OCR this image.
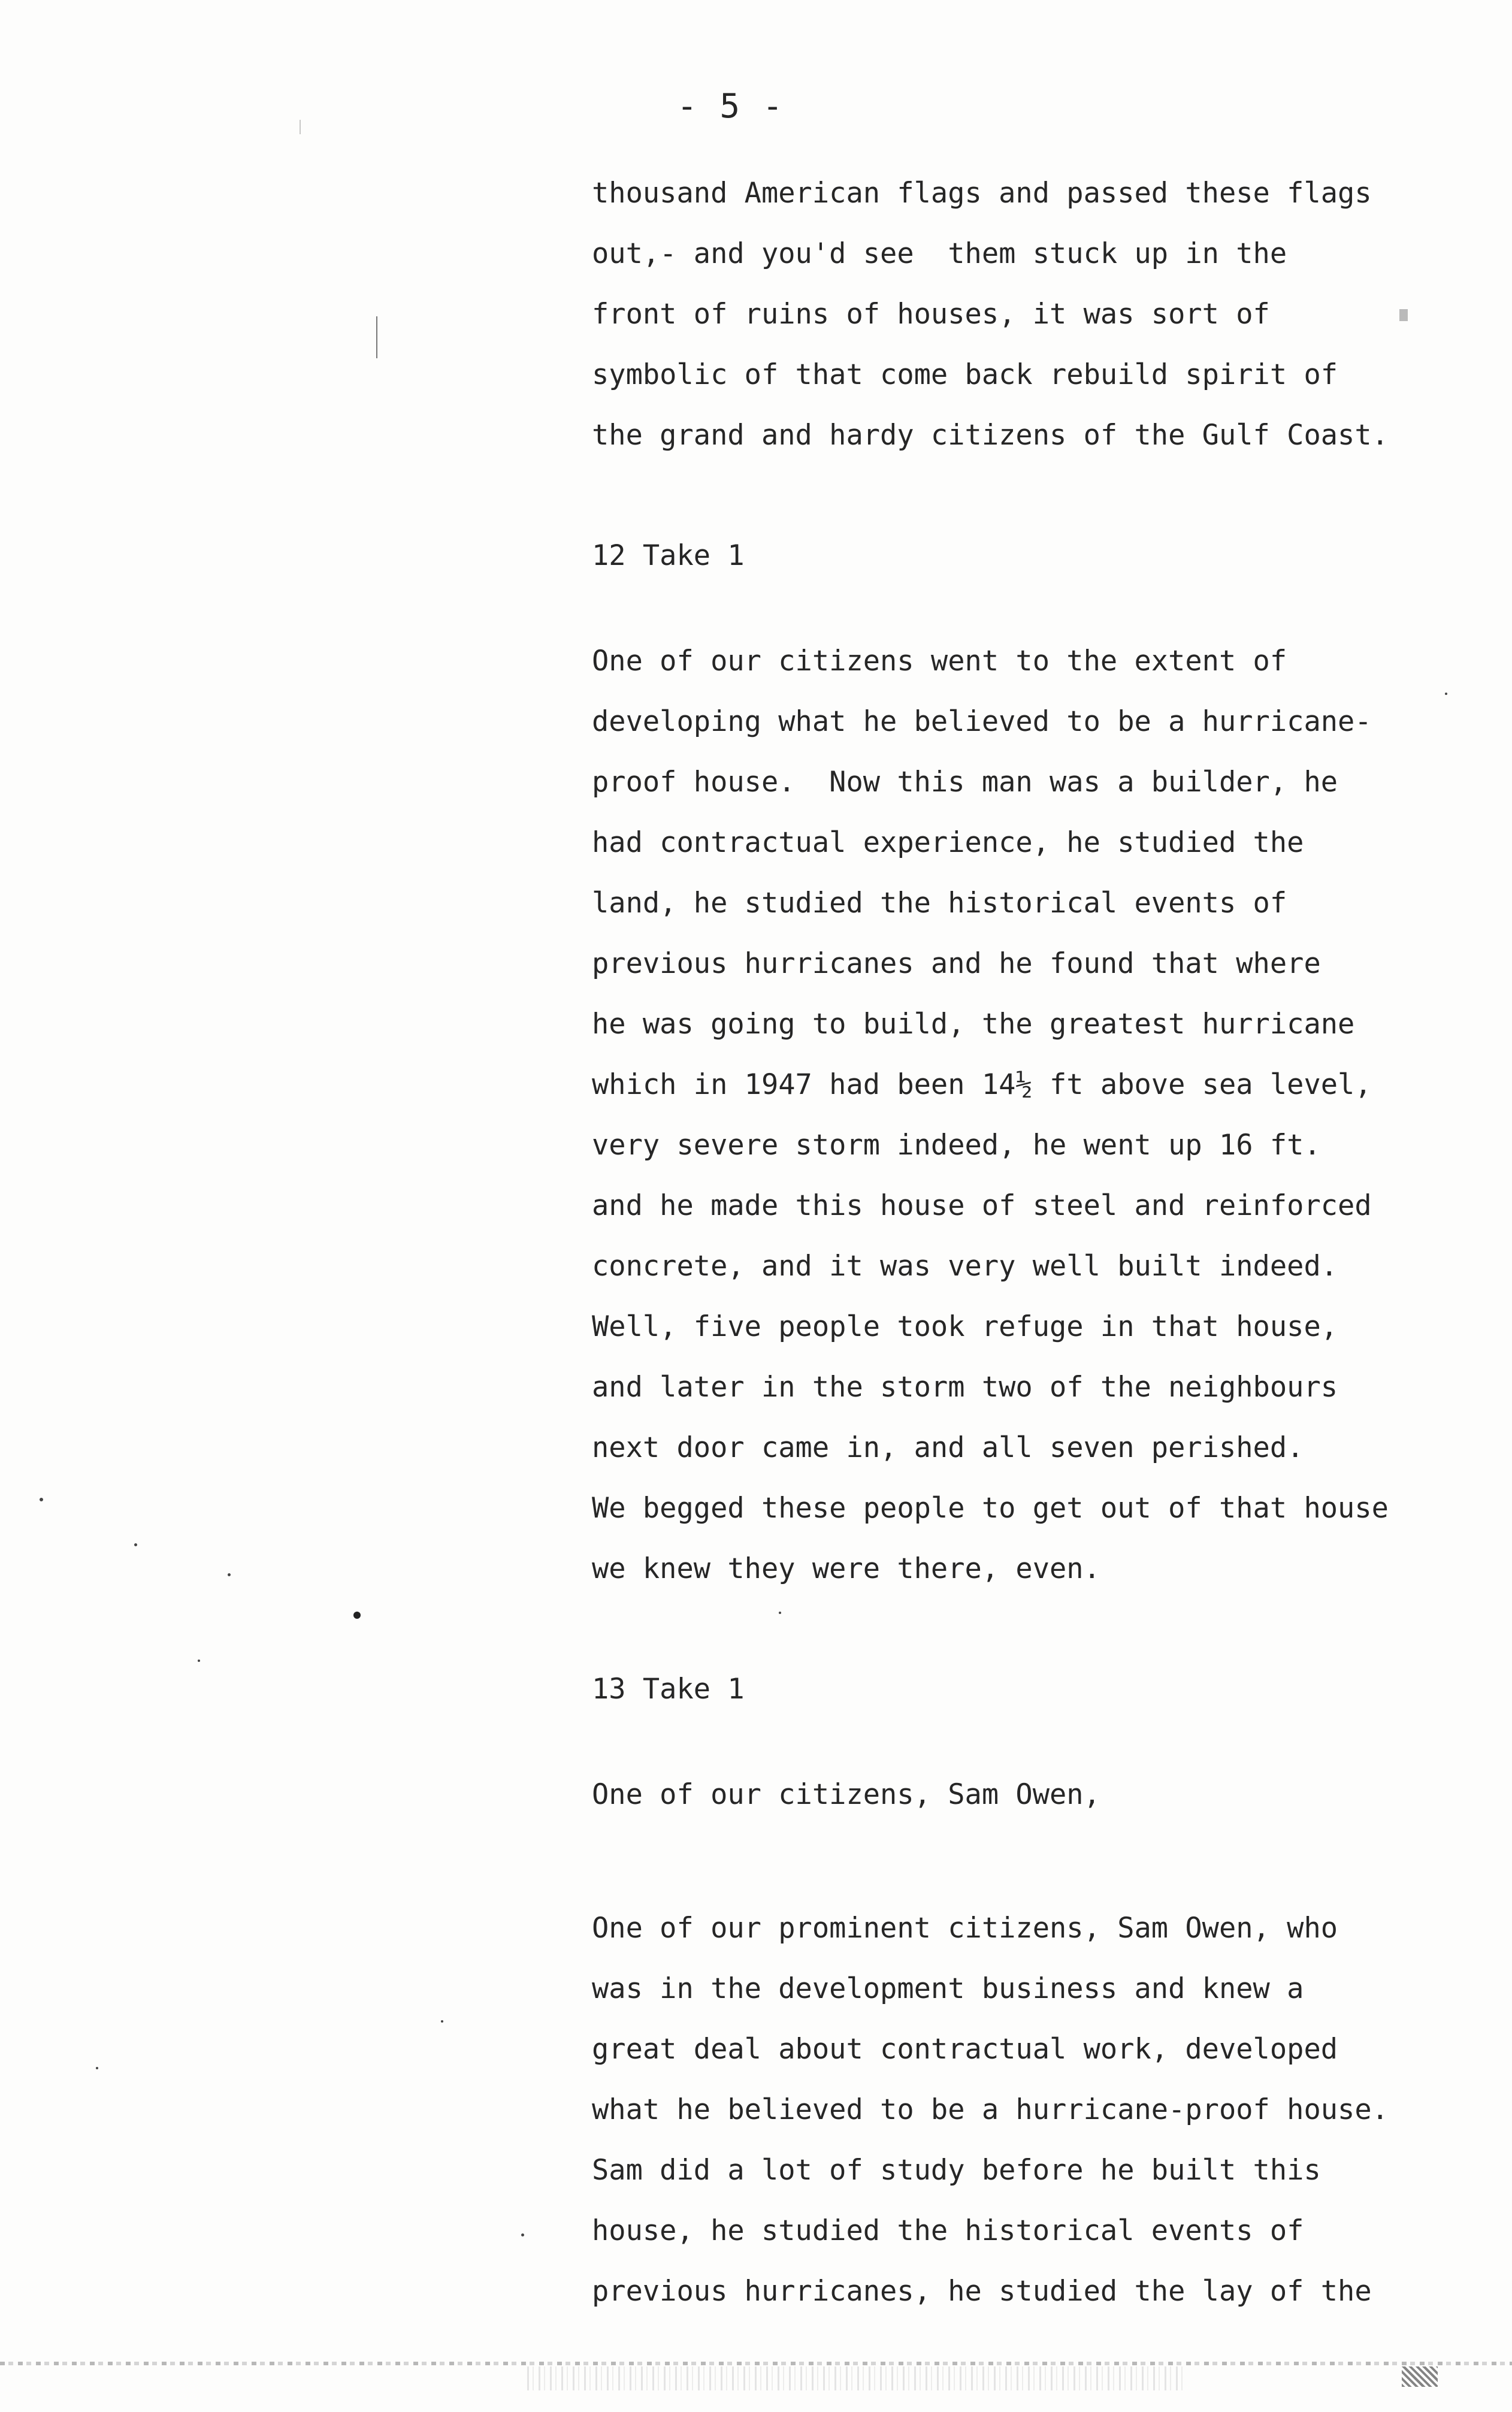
- 5 -
thousand American flags and passed these flags
out,- and you'd see  them stuck up in the
front of ruins of houses, it was sort of
symbolic of that come back rebuild spirit of
the grand and hardy citizens of the Gulf Coast.
12 Take 1
One of our citizens went to the extent of
developing what he believed to be a hurricane-
proof house.  Now this man was a builder, he
had contractual experience, he studied the
land, he studied the historical events of
previous hurricanes and he found that where
he was going to build, the greatest hurricane
which in 1947 had been 14½ ft above sea level,
very severe storm indeed, he went up 16 ft.
and he made this house of steel and reinforced
concrete, and it was very well built indeed.
Well, five people took refuge in that house,
and later in the storm two of the neighbours
next door came in, and all seven perished.
We begged these people to get out of that house
we knew they were there, even.
13 Take 1
One of our citizens, Sam Owen,
One of our prominent citizens, Sam Owen, who
was in the development business and knew a
great deal about contractual work, developed
what he believed to be a hurricane-proof house.
Sam did a lot of study before he built this
house, he studied the historical events of
previous hurricanes, he studied the lay of the
